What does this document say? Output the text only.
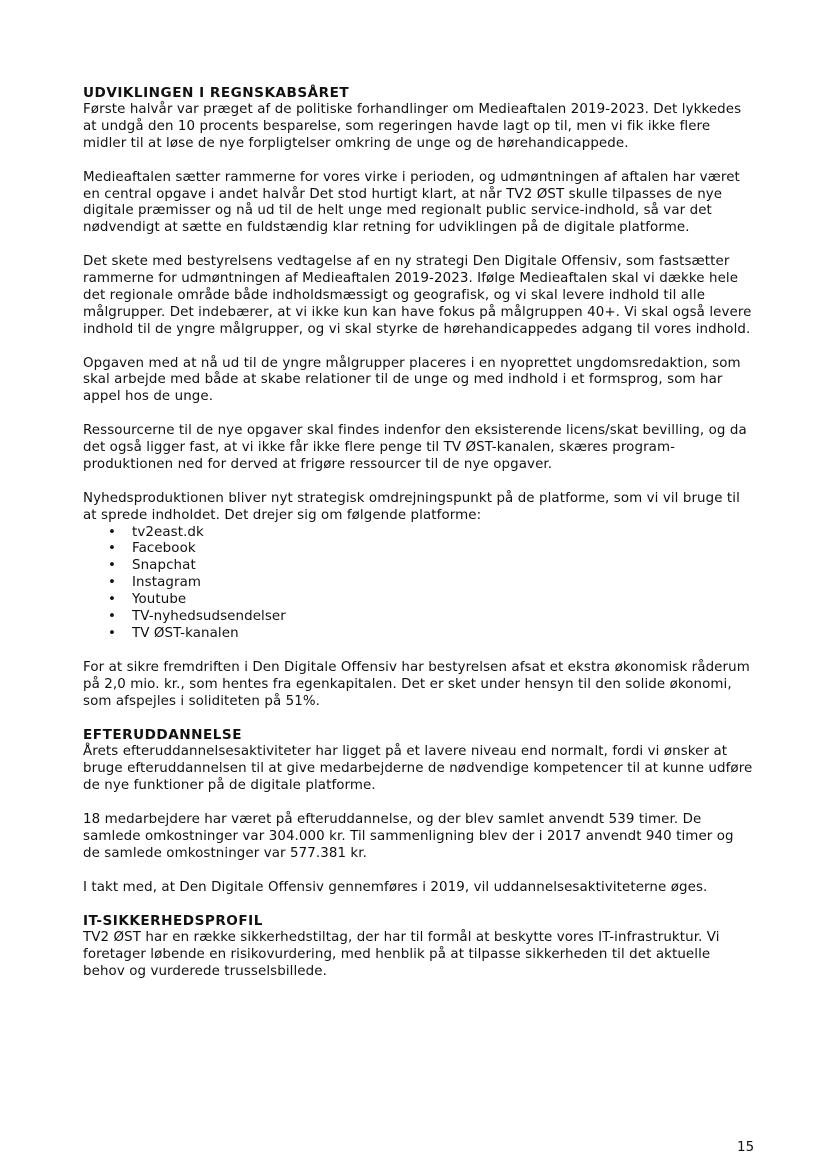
UDVIKLINGEN I REGNSKABSÅRET

Første halvår var præget af de politiske forhandlinger om Medieaftalen 2019-2023. Det lykkedes at undgå den 10 procents besparelse, som regeringen havde lagt op til, men vi fik ikke flere midler til at løse de nye forpligtelser omkring de unge og de hørehandicappede.

Medieaftalen sætter rammerne for vores virke i perioden, og udmøntningen af aftalen har været en central opgave i andet halvår Det stod hurtigt klart, at når TV2 ØST skulle tilpasses de nye digitale præmisser og nå ud til de helt unge med regionalt public service-indhold, så var det nødvendigt at sætte en fuldstændig klar retning for udviklingen på de digitale platforme.

Det skete med bestyrelsens vedtagelse af en ny strategi Den Digitale Offensiv, som fastsætter rammerne for udmøntningen af Medieaftalen 2019-2023. Ifølge Medieaftalen skal vi dække hele det regionale område både indholdsmæssigt og geografisk, og vi skal levere indhold til alle målgrupper. Det indebærer, at vi ikke kun kan have fokus på målgruppen 40+. Vi skal også levere indhold til de yngre målgrupper, og vi skal styrke de hørehandicappedes adgang til vores indhold.

Opgaven med at nå ud til de yngre målgrupper placeres i en nyoprettet ungdomsredaktion, som skal arbejde med både at skabe relationer til de unge og med indhold i et formsprog, som har appel hos de unge.

Ressourcerne til de nye opgaver skal findes indenfor den eksisterende licens/skat bevilling, og da det også ligger fast, at vi ikke får ikke flere penge til TV ØST-kanalen, skæres program-produktionen ned for derved at frigøre ressourcer til de nye opgaver.

Nyhedsproduktionen bliver nyt strategisk omdrejningspunkt på de platforme, som vi vil bruge til at sprede indholdet. Det drejer sig om følgende platforme:

• tv2east.dk
• Facebook
• Snapchat
• Instagram
• Youtube
• TV-nyhedsudsendelser
• TV ØST-kanalen

For at sikre fremdriften i Den Digitale Offensiv har bestyrelsen afsat et ekstra økonomisk råderum på 2,0 mio. kr., som hentes fra egenkapitalen. Det er sket under hensyn til den solide økonomi, som afspejles i soliditeten på 51%.

EFTERUDDANNELSE

Årets efteruddannelsesaktiviteter har ligget på et lavere niveau end normalt, fordi vi ønsker at bruge efteruddannelsen til at give medarbejderne de nødvendige kompetencer til at kunne udføre de nye funktioner på de digitale platforme.

18 medarbejdere har været på efteruddannelse, og der blev samlet anvendt 539 timer. De samlede omkostninger var 304.000 kr. Til sammenligning blev der i 2017 anvendt 940 timer og de samlede omkostninger var 577.381 kr.

I takt med, at Den Digitale Offensiv gennemføres i 2019, vil uddannelsesaktiviteterne øges.

IT-SIKKERHEDSPROFIL

TV2 ØST har en række sikkerhedstiltag, der har til formål at beskytte vores IT-infrastruktur. Vi foretager løbende en risikovurdering, med henblik på at tilpasse sikkerheden til det aktuelle behov og vurderede trusselsbillede.

15
